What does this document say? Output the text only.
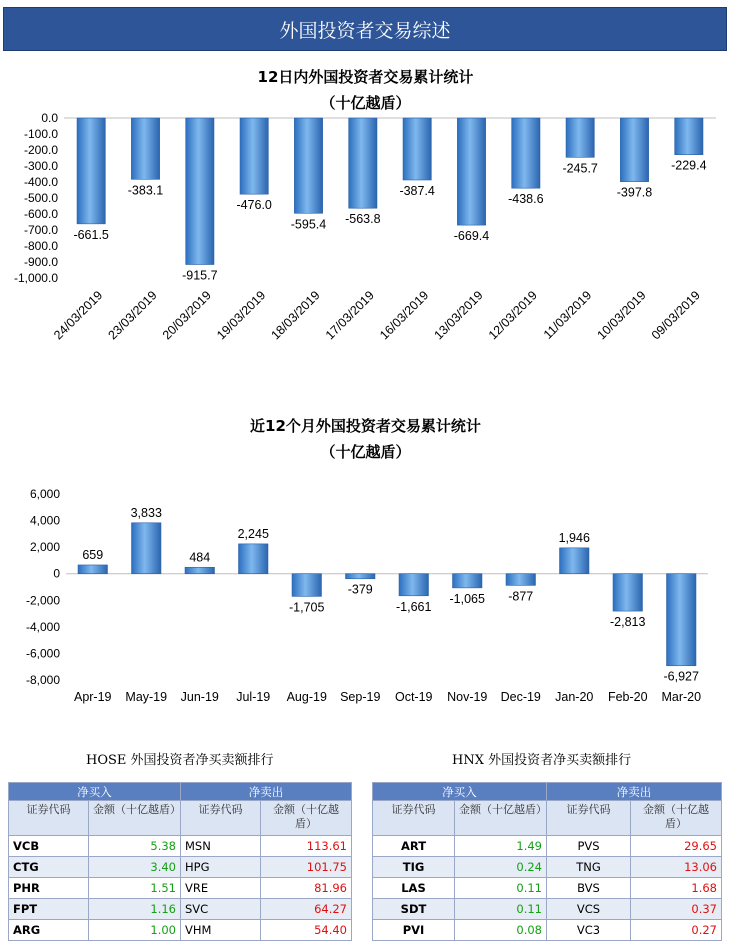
外国投资者交易综述
12日内外国投资者交易累计统计
（十亿越盾）
0.0
-100.0
-200.0
-300.0
-400.0
-500.0
-600.0
-700.0
-800.0
-900.0
-1,000.0
-661.5
24/03/2019
-383.1
23/03/2019
-915.7
20/03/2019
-476.0
19/03/2019
-595.4
18/03/2019
-563.8
17/03/2019
-387.4
16/03/2019
-669.4
13/03/2019
-438.6
12/03/2019
-245.7
11/03/2019
-397.8
10/03/2019
-229.4
09/03/2019
近12个月外国投资者交易累计统计
（十亿越盾）
6,000
4,000
2,000
0
-2,000
-4,000
-6,000
-8,000
659
Apr-19
3,833
May-19
484
Jun-19
2,245
Jul-19
-1,705
Aug-19
-379
Sep-19
-1,661
Oct-19
-1,065
Nov-19
-877
Dec-19
1,946
Jan-20
-2,813
Feb-20
-6,927
Mar-20
HOSE 外国投资者净买卖额排行	HNX 外国投资者净买卖额排行
净买入		净卖出	
证券代码	金额（十亿越盾）	证券代码	金额（十亿越盾）
VCB	5.38	MSN	113.61
CTG	3.40	HPG	101.75
PHR	1.51	VRE	81.96
FPT	1.16	SVC	64.27
ARG	1.00	VHM	54.40
净买入		净卖出	
证券代码	金额（十亿越盾）	证券代码	金额（十亿越盾）
ART	1.49	PVS	29.65
TIG	0.24	TNG	13.06
LAS	0.11	BVS	1.68
SDT	0.11	VCS	0.37
PVI	0.08	VC3	0.27
